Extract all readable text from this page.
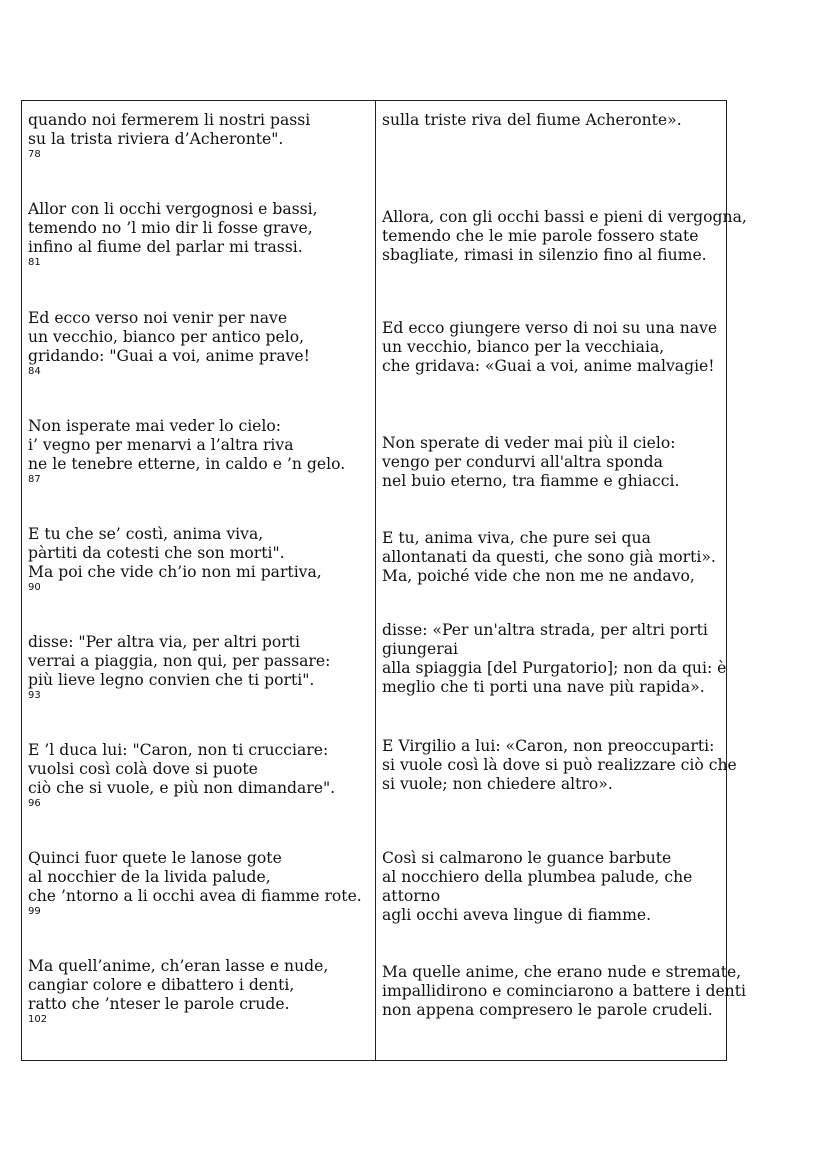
quando noi fermerem li nostri passi
su la trista riviera d’Acheronte".
78
Allor con li occhi vergognosi e bassi,
temendo no ’l mio dir li fosse grave,
infino al fiume del parlar mi trassi.
81
Ed ecco verso noi venir per nave
un vecchio, bianco per antico pelo,
gridando: "Guai a voi, anime prave!
84
Non isperate mai veder lo cielo:
i’ vegno per menarvi a l’altra riva
ne le tenebre etterne, in caldo e ’n gelo.
87
E tu che se’ costì, anima viva,
pàrtiti da cotesti che son morti".
Ma poi che vide ch’io non mi partiva,
90
disse: "Per altra via, per altri porti
verrai a piaggia, non qui, per passare:
più lieve legno convien che ti porti".
93
E ’l duca lui: "Caron, non ti crucciare:
vuolsi così colà dove si puote
ciò che si vuole, e più non dimandare".
96
Quinci fuor quete le lanose gote
al nocchier de la livida palude,
che ’ntorno a li occhi avea di fiamme rote.
99
Ma quell’anime, ch’eran lasse e nude,
cangiar colore e dibattero i denti,
ratto che ’nteser le parole crude.
102
sulla triste riva del fiume Acheronte».
Allora, con gli occhi bassi e pieni di vergogna,
temendo che le mie parole fossero state
sbagliate, rimasi in silenzio fino al fiume.
Ed ecco giungere verso di noi su una nave
un vecchio, bianco per la vecchiaia,
che gridava: «Guai a voi, anime malvagie!
Non sperate di veder mai più il cielo:
vengo per condurvi all'altra sponda
nel buio eterno, tra fiamme e ghiacci.
E tu, anima viva, che pure sei qua
allontanati da questi, che sono già morti».
Ma, poiché vide che non me ne andavo,
disse: «Per un'altra strada, per altri porti
giungerai
alla spiaggia [del Purgatorio]; non da qui: è
meglio che ti porti una nave più rapida».
E Virgilio a lui: «Caron, non preoccuparti:
si vuole così là dove si può realizzare ciò che
si vuole; non chiedere altro».
Così si calmarono le guance barbute
al nocchiero della plumbea palude, che
attorno
agli occhi aveva lingue di fiamme.
Ma quelle anime, che erano nude e stremate,
impallidirono e cominciarono a battere i denti
non appena compresero le parole crudeli.
